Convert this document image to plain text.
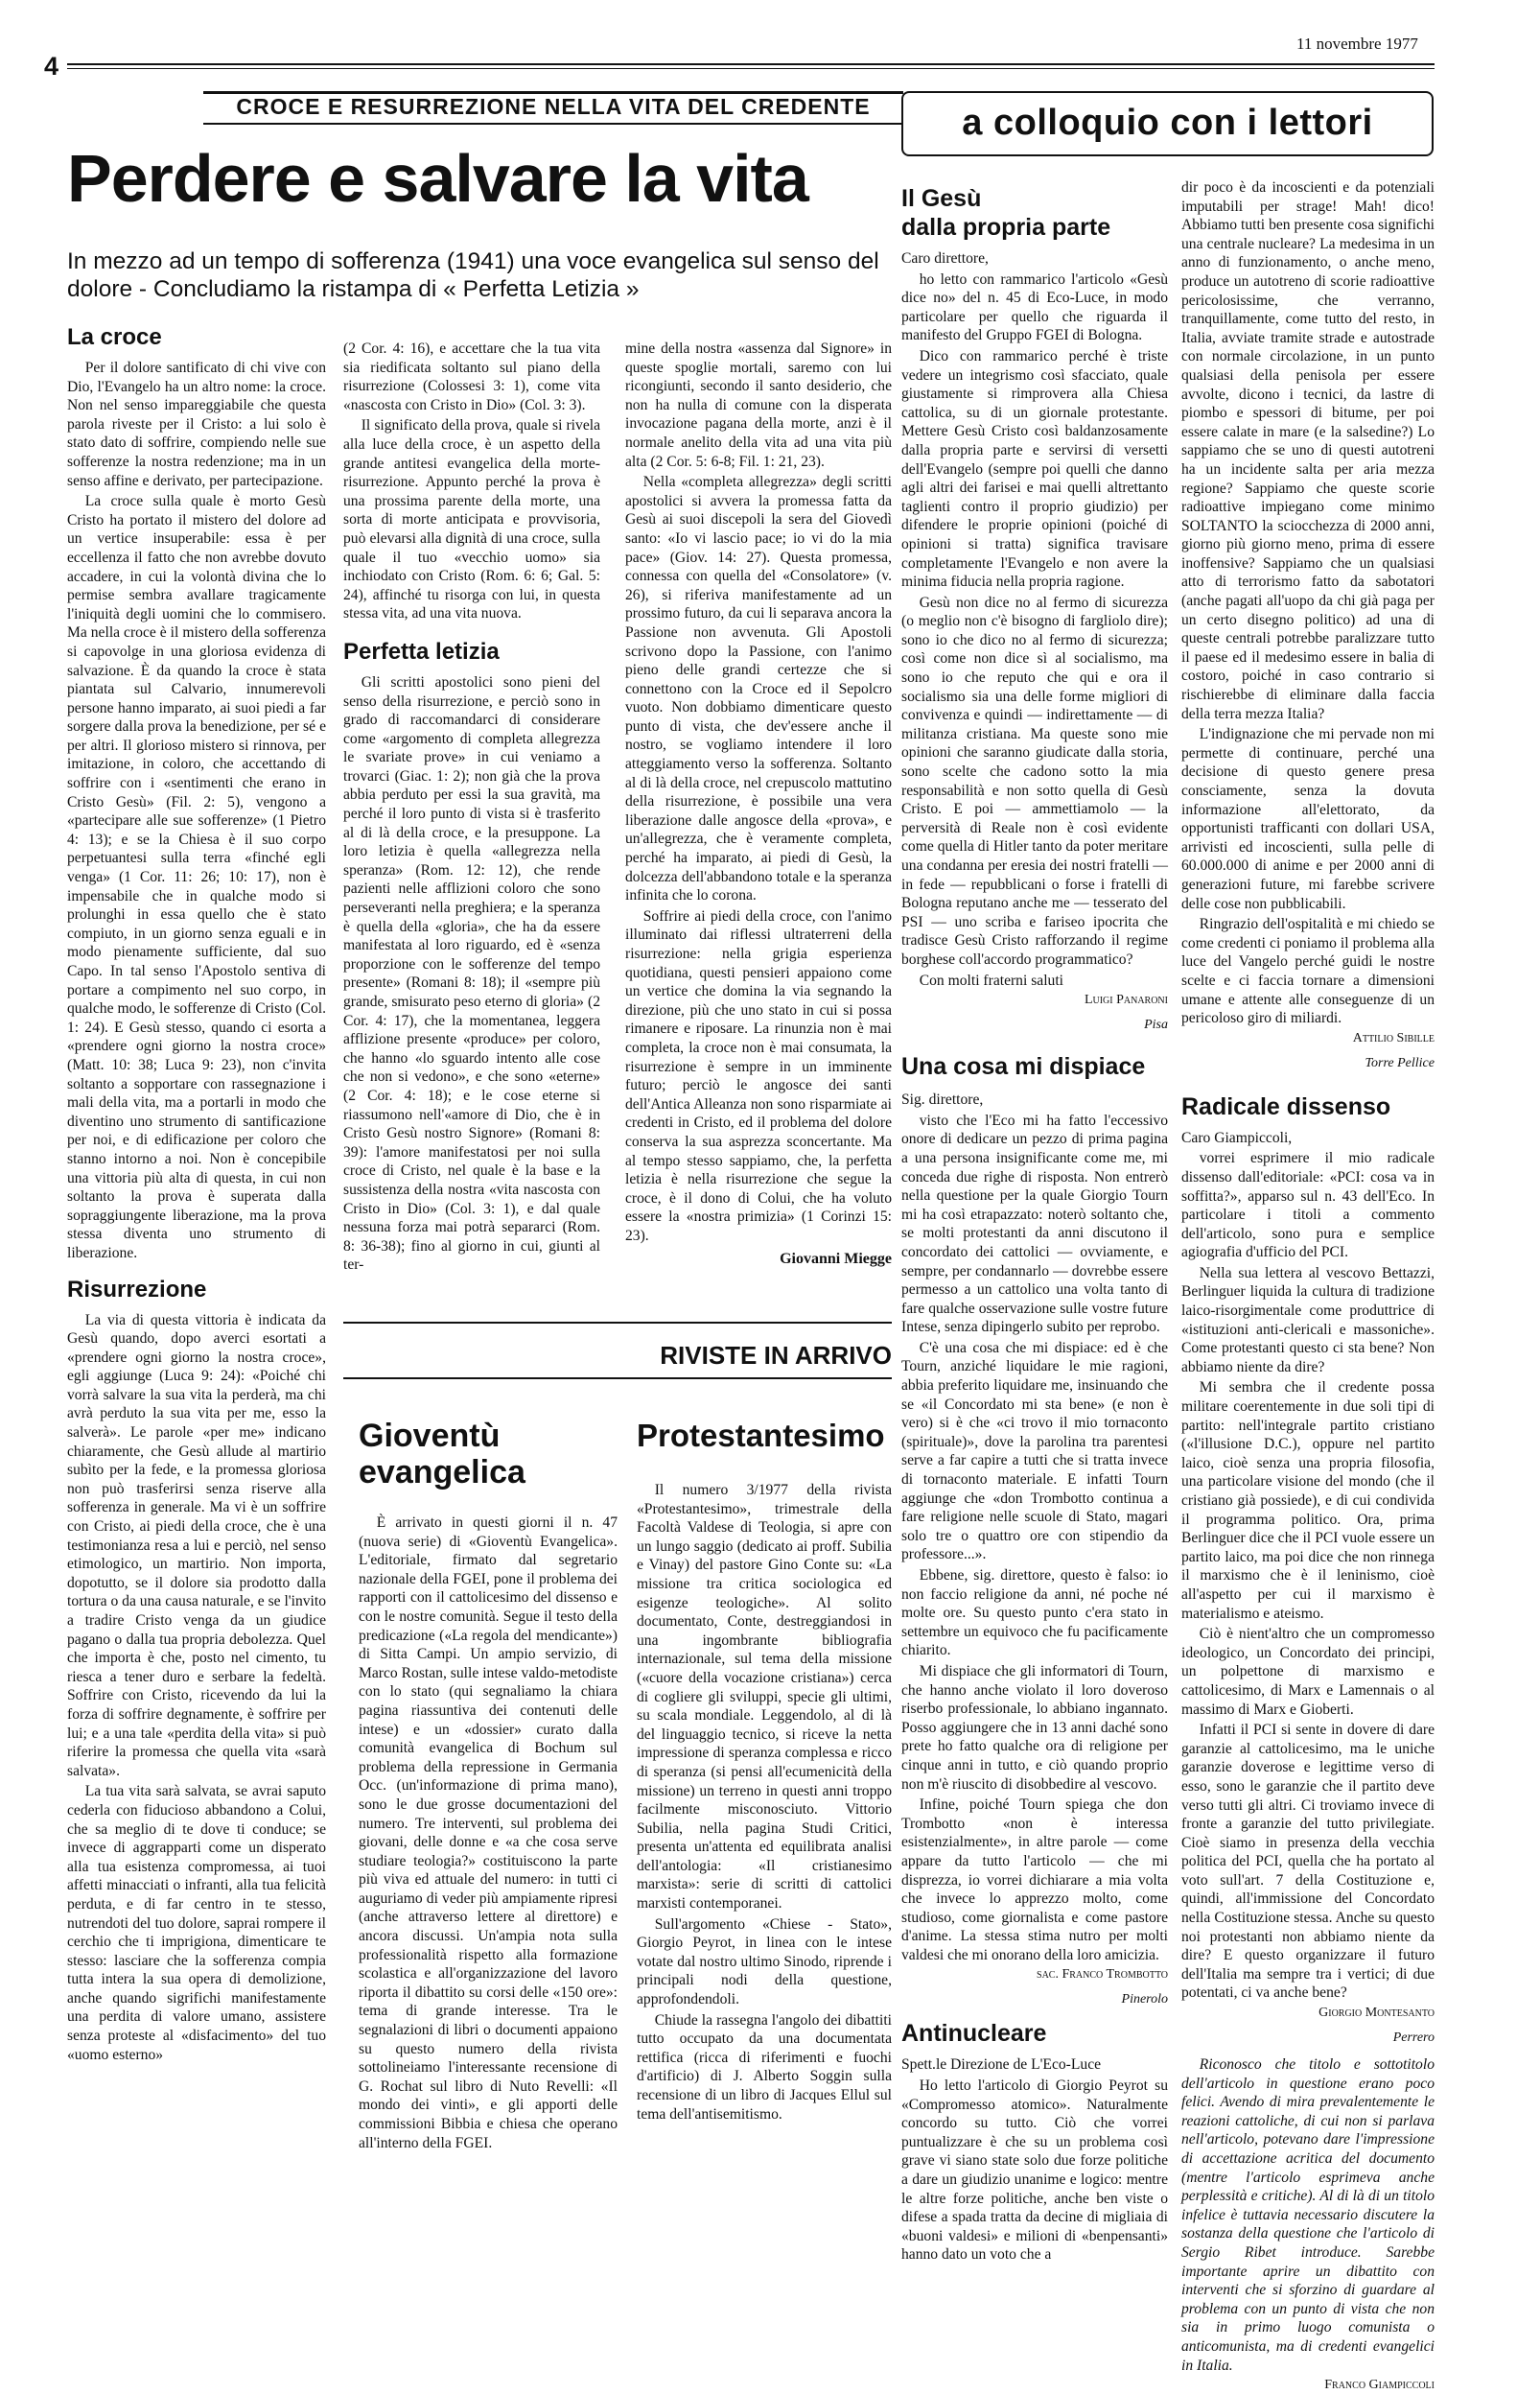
4
11 novembre 1977
CROCE E RESURREZIONE NELLA VITA DEL CREDENTE	a colloquio con i lettori
Perdere e salvare la vita
In mezzo ad un tempo di sofferenza (1941) una voce evangelica sul senso del dolore - Concludiamo la ristampa di « Perfetta Letizia »
La croce

Per il dolore santificato di chi vive con Dio, l'Evangelo ha un altro nome: la croce. Non nel senso impareggiabile che questa parola riveste per il Cristo: a lui solo è stato dato di soffrire, compiendo nelle sue sofferenze la nostra redenzione; ma in un senso affine e derivato, per partecipazione.

La croce sulla quale è morto Gesù Cristo ha portato il mistero del dolore ad un vertice insuperabile: essa è per eccellenza il fatto che non avrebbe dovuto accadere, in cui la volontà divina che lo permise sembra avallare tragicamente l'iniquità degli uomini che lo commisero. Ma nella croce è il mistero della sofferenza si capovolge in una gloriosa evidenza di salvazione. È da quando la croce è stata piantata sul Calvario, innumerevoli persone hanno imparato, ai suoi piedi a far sorgere dalla prova la benedizione, per sé e per altri. Il glorioso mistero si rinnova, per imitazione, in coloro, che accettando di soffrire con i «sentimenti che erano in Cristo Gesù» (Fil. 2: 5), vengono a «partecipare alle sue sofferenze» (1 Pietro 4: 13); e se la Chiesa è il suo corpo perpetuantesi sulla terra «finché egli venga» (1 Cor. 11: 26; 10: 17), non è impensabile che in qualche modo si prolunghi in essa quello che è stato compiuto, in un giorno senza eguali e in modo pienamente sufficiente, dal suo Capo. In tal senso l'Apostolo sentiva di portare a compimento nel suo corpo, in qualche modo, le sofferenze di Cristo (Col. 1: 24). E Gesù stesso, quando ci esorta a «prendere ogni giorno la nostra croce» (Matt. 10: 38; Luca 9: 23), non c'invita soltanto a sopportare con rassegnazione i mali della vita, ma a portarli in modo che diventino uno strumento di santificazione per noi, e di edificazione per coloro che stanno intorno a noi. Non è concepibile una vittoria più alta di questa, in cui non soltanto la prova è superata dalla sopraggiungente liberazione, ma la prova stessa diventa uno strumento di liberazione.

Risurrezione

La via di questa vittoria è indicata da Gesù quando, dopo averci esortati a «prendere ogni giorno la nostra croce», egli aggiunge (Luca 9: 24): «Poiché chi vorrà salvare la sua vita la perderà, ma chi avrà perduto la sua vita per me, esso la salverà». Le parole «per me» indicano chiaramente, che Gesù allude al martirio subìto per la fede, e la promessa gloriosa non può trasferirsi senza riserve alla sofferenza in generale. Ma vi è un soffrire con Cristo, ai piedi della croce, che è una testimonianza resa a lui e perciò, nel senso etimologico, un martirio. Non importa, dopotutto, se il dolore sia prodotto dalla tortura o da una causa naturale, e se l'invito a tradire Cristo venga da un giudice pagano o dalla tua propria debolezza. Quel che importa è che, posto nel cimento, tu riesca a tener duro e serbare la fedeltà. Soffrire con Cristo, ricevendo da lui la forza di soffrire degnamente, è soffrire per lui; e a una tale «perdita della vita» si può riferire la promessa che quella vita «sarà salvata».

La tua vita sarà salvata, se avrai saputo cederla con fiducioso abbandono a Colui, che sa meglio di te dove ti conduce; se invece di aggrapparti come un disperato alla tua esistenza compromessa, ai tuoi affetti minacciati o infranti, alla tua felicità perduta, e di far centro in te stesso, nutrendoti del tuo dolore, saprai rompere il cerchio che ti imprigiona, dimenticare te stesso: lasciare che la sofferenza compia tutta intera la sua opera di demolizione, anche quando sigrifichi manifestamente una perdita di valore umano, assistere senza proteste al «disfacimento» del tuo «uomo esterno»

(2 Cor. 4: 16), e accettare che la tua vita sia riedificata soltanto sul piano della risurrezione (Colossesi 3: 1), come vita «nascosta con Cristo in Dio» (Col. 3: 3).

Il significato della prova, quale si rivela alla luce della croce, è un aspetto della grande antitesi evangelica della morte-risurrezione. Appunto perché la prova è una prossima parente della morte, una sorta di morte anticipata e provvisoria, può elevarsi alla dignità di una croce, sulla quale il tuo «vecchio uomo» sia inchiodato con Cristo (Rom. 6: 6; Gal. 5: 24), affinché tu risorga con lui, in questa stessa vita, ad una vita nuova.

Perfetta letizia

Gli scritti apostolici sono pieni del senso della risurrezione, e perciò sono in grado di raccomandarci di considerare come «argomento di completa allegrezza le svariate prove» in cui veniamo a trovarci (Giac. 1: 2); non già che la prova abbia perduto per essi la sua gravità, ma perché il loro punto di vista si è trasferito al di là della croce, e la presuppone. La loro letizia è quella «allegrezza nella speranza» (Rom. 12: 12), che rende pazienti nelle afflizioni coloro che sono perseveranti nella preghiera; e la speranza è quella della «gloria», che ha da essere manifestata al loro riguardo, ed è «senza proporzione con le sofferenze del tempo presente» (Romani 8: 18); il «sempre più grande, smisurato peso eterno di gloria» (2 Cor. 4: 17), che la momentanea, leggera afflizione presente «produce» per coloro, che hanno «lo sguardo intento alle cose che non si vedono», e che sono «eterne» (2 Cor. 4: 18); e le cose eterne si riassumono nell'«amore di Dio, che è in Cristo Gesù nostro Signore» (Romani 8: 39): l'amore manifestatosi per noi sulla croce di Cristo, nel quale è la base e la sussistenza della nostra «vita nascosta con Cristo in Dio» (Col. 3: 1), e dal quale nessuna forza mai potrà separarci (Rom. 8: 36-38); fino al giorno in cui, giunti al ter-

mine della nostra «assenza dal Signore» in queste spoglie mortali, saremo con lui ricongiunti, secondo il santo desiderio, che non ha nulla di comune con la disperata invocazione pagana della morte, anzi è il normale anelito della vita ad una vita più alta (2 Cor. 5: 6-8; Fil. 1: 21, 23).

Nella «completa allegrezza» degli scritti apostolici si avvera la promessa fatta da Gesù ai suoi discepoli la sera del Giovedì santo: «Io vi lascio pace; io vi do la mia pace» (Giov. 14: 27). Questa promessa, connessa con quella del «Consolatore» (v. 26), si riferiva manifestamente ad un prossimo futuro, da cui li separava ancora la Passione non avvenuta. Gli Apostoli scrivono dopo la Passione, con l'animo pieno delle grandi certezze che si connettono con la Croce ed il Sepolcro vuoto. Non dobbiamo dimenticare questo punto di vista, che dev'essere anche il nostro, se vogliamo intendere il loro atteggiamento verso la sofferenza. Soltanto al di là della croce, nel crepuscolo mattutino della risurrezione, è possibile una vera liberazione dalle angosce della «prova», e un'allegrezza, che è veramente completa, perché ha imparato, ai piedi di Gesù, la dolcezza dell'abbandono totale e la speranza infinita che lo corona.

Soffrire ai piedi della croce, con l'animo illuminato dai riflessi ultraterreni della risurrezione: nella grigia esperienza quotidiana, questi pensieri appaiono come un vertice che domina la via segnando la direzione, più che uno stato in cui si possa rimanere e riposare. La rinunzia non è mai completa, la croce non è mai consumata, la risurrezione è sempre in un imminente futuro; perciò le angosce dei santi dell'Antica Alleanza non sono risparmiate ai credenti in Cristo, ed il problema del dolore conserva la sua asprezza sconcertante. Ma al tempo stesso sappiamo, che, la perfetta letizia è nella risurrezione che segue la croce, è il dono di Colui, che ha voluto essere la «nostra primizia» (1 Corinzi 15: 23).

Giovanni Miegge
RIVISTE IN ARRIVO
Gioventù
evangelica

È arrivato in questi giorni il n. 47 (nuova serie) di «Gioventù Evangelica». L'editoriale, firmato dal segretario nazionale della FGEI, pone il problema dei rapporti con il cattolicesimo del dissenso e con le nostre comunità. Segue il testo della predicazione («La regola del mendicante») di Sitta Campi. Un ampio servizio, di Marco Rostan, sulle intese valdo-metodiste con lo stato (qui segnaliamo la chiara pagina riassuntiva dei contenuti delle intese) e un «dossier» curato dalla comunità evangelica di Bochum sul problema della repressione in Germania Occ. (un'informazione di prima mano), sono le due grosse documentazioni del numero. Tre interventi, sul problema dei giovani, delle donne e «a che cosa serve studiare teologia?» costituiscono la parte più viva ed attuale del numero: in tutti ci auguriamo di veder più ampiamente ripresi (anche attraverso lettere al direttore) e ancora discussi. Un'ampia nota sulla professionalità rispetto alla formazione scolastica e all'organizzazione del lavoro riporta il dibattito su corsi delle «150 ore»: tema di grande interesse. Tra le segnalazioni di libri o documenti appaiono su questo numero della rivista sottolineiamo l'interessante recensione di G. Rochat sul libro di Nuto Revelli: «Il mondo dei vinti», e gli apporti delle commissioni Bibbia e chiesa che operano all'interno della FGEI.

Protestantesimo

Il numero 3/1977 della rivista «Protestantesimo», trimestrale della Facoltà Valdese di Teologia, si apre con un lungo saggio (dedicato ai proff. Subilia e Vinay) del pastore Gino Conte su: «La missione tra critica sociologica ed esigenze teologiche». Al solito documentato, Conte, destreggiandosi in una ingombrante bibliografia internazionale, sul tema della missione («cuore della vocazione cristiana») cerca di cogliere gli sviluppi, specie gli ultimi, su scala mondiale. Leggendolo, al di là del linguaggio tecnico, si riceve la netta impressione di speranza complessa e ricco di speranza (si pensi all'ecumenicità della missione) un terreno in questi anni troppo facilmente misconosciuto. Vittorio Subilia, nella pagina Studi Critici, presenta un'attenta ed equilibrata analisi dell'antologia: «Il cristianesimo marxista»: serie di scritti di cattolici marxisti contemporanei.

Sull'argomento «Chiese - Stato», Giorgio Peyrot, in linea con le intese votate dal nostro ultimo Sinodo, riprende i principali nodi della questione, approfondendoli.

Chiude la rassegna l'angolo dei dibattiti tutto occupato da una documentata rettifica (ricca di riferimenti e fuochi d'artificio) di J. Alberto Soggin sulla recensione di un libro di Jacques Ellul sul tema dell'antisemitismo.

Il Gesù
dalla propria parte

Caro direttore,

ho letto con rammarico l'articolo «Gesù dice no» del n. 45 di Eco-Luce, in modo particolare per quello che riguarda il manifesto del Gruppo FGEI di Bologna.

Dico con rammarico perché è triste vedere un integrismo così sfacciato, quale giustamente si rimprovera alla Chiesa cattolica, su di un giornale protestante. Mettere Gesù Cristo così baldanzosamente dalla propria parte e servirsi di versetti dell'Evangelo (sempre poi quelli che danno agli altri dei farisei e mai quelli altrettanto taglienti contro il proprio giudizio) per difendere le proprie opinioni (poiché di opinioni si tratta) significa travisare completamente l'Evangelo e non avere la minima fiducia nella propria ragione.

Gesù non dice no al fermo di sicurezza (o meglio non c'è bisogno di fargliolo dire); sono io che dico no al fermo di sicurezza; così come non dice sì al socialismo, ma sono io che reputo che qui e ora il socialismo sia una delle forme migliori di convivenza e quindi — indirettamente — di militanza cristiana. Ma queste sono mie opinioni che saranno giudicate dalla storia, sono scelte che cadono sotto la mia responsabilità e non sotto quella di Gesù Cristo. E poi — ammettiamolo — la perversità di Reale non è così evidente come quella di Hitler tanto da poter meritare una condanna per eresia dei nostri fratelli — in fede — repubblicani o forse i fratelli di Bologna reputano anche me — tesserato del PSI — uno scriba e fariseo ipocrita che tradisce Gesù Cristo rafforzando il regime borghese coll'accordo programmatico?

Con molti fraterni saluti

Luigi Panaroni
Pisa
Una cosa mi dispiace

Sig. direttore,

visto che l'Eco mi ha fatto l'eccessivo onore di dedicare un pezzo di prima pagina a una persona insignificante come me, mi conceda due righe di risposta. Non entrerò nella questione per la quale Giorgio Tourn mi ha così etrapazzato: noterò soltanto che, se molti protestanti da anni discutono il concordato dei cattolici — ovviamente, e sempre, per condannarlo — dovrebbe essere permesso a un cattolico una volta tanto di fare qualche osservazione sulle vostre future Intese, senza dipingerlo subito per reprobo.

C'è una cosa che mi dispiace: ed è che Tourn, anziché liquidare le mie ragioni, abbia preferito liquidare me, insinuando che se «il Concordato mi sta bene» (e non è vero) si è che «ci trovo il mio tornaconto (spirituale)», dove la parolina tra parentesi serve a far capire a tutti che si tratta invece di tornaconto materiale. E infatti Tourn aggiunge che «don Trombotto continua a fare religione nelle scuole di Stato, magari solo tre o quattro ore con stipendio da professore...».

Ebbene, sig. direttore, questo è falso: io non faccio religione da anni, né poche né molte ore. Su questo punto c'era stato in settembre un equivoco che fu pacificamente chiarito.

Mi dispiace che gli informatori di Tourn, che hanno anche violato il loro doveroso riserbo professionale, lo abbiano ingannato. Posso aggiungere che in 13 anni daché sono prete ho fatto qualche ora di religione per cinque anni in tutto, e ciò quando proprio non m'è riuscito di disobbedire al vescovo.

Infine, poiché Tourn spiega che don Trombotto «non è interessa esistenzialmente», in altre parole — come appare da tutto l'articolo — che mi disprezza, io vorrei dichiarare a mia volta che invece lo apprezzo molto, come studioso, come giornalista e come pastore d'anime. La stessa stima nutro per molti valdesi che mi onorano della loro amicizia.

sac. Franco Trombotto
Pinerolo
Antinucleare

Spett.le Direzione de L'Eco-Luce

Ho letto l'articolo di Giorgio Peyrot su «Compromesso atomico». Naturalmente concordo su tutto. Ciò che vorrei puntualizzare è che su un problema così grave vi siano state solo due forze politiche a dare un giudizio unanime e logico: mentre le altre forze politiche, anche ben viste o difese a spada tratta da decine di migliaia di «buoni valdesi» e milioni di «benpensanti» hanno dato un voto che a

dir poco è da incoscienti e da potenziali imputabili per strage! Mah! dico! Abbiamo tutti ben presente cosa significhi una centrale nucleare? La medesima in un anno di funzionamento, o anche meno, produce un autotreno di scorie radioattive pericolosissime, che verranno, tranquillamente, come tutto del resto, in Italia, avviate tramite strade e autostrade con normale circolazione, in un punto qualsiasi della penisola per essere avvolte, dicono i tecnici, da lastre di piombo e spessori di bitume, per poi essere calate in mare (e la salsedine?) Lo sappiamo che se uno di questi autotreni ha un incidente salta per aria mezza regione? Sappiamo che queste scorie radioattive impiegano come minimo SOLTANTO la sciocchezza di 2000 anni, giorno più giorno meno, prima di essere inoffensive? Sappiamo che un qualsiasi atto di terrorismo fatto da sabotatori (anche pagati all'uopo da chi già paga per un certo disegno politico) ad una di queste centrali potrebbe paralizzare tutto il paese ed il medesimo essere in balia di costoro, poiché in caso contrario si rischierebbe di eliminare dalla faccia della terra mezza Italia?

L'indignazione che mi pervade non mi permette di continuare, perché una decisione di questo genere presa consciamente, senza la dovuta informazione all'elettorato, da opportunisti trafficanti con dollari USA, arrivisti ed incoscienti, sulla pelle di 60.000.000 di anime e per 2000 anni di generazioni future, mi farebbe scrivere delle cose non pubblicabili.

Ringrazio dell'ospitalità e mi chiedo se come credenti ci poniamo il problema alla luce del Vangelo perché guidi le nostre scelte e ci faccia tornare a dimensioni umane e attente alle conseguenze di un pericoloso giro di miliardi.

Attilio Sibille
Torre Pellice
Radicale dissenso

Caro Giampiccoli,

vorrei esprimere il mio radicale dissenso dall'editoriale: «PCI: cosa va in soffitta?», apparso sul n. 43 dell'Eco. In particolare i titoli a commento dell'articolo, sono pura e semplice agiografia d'ufficio del PCI.

Nella sua lettera al vescovo Bettazzi, Berlinguer liquida la cultura di tradizione laico-risorgimentale come produttrice di «istituzioni anti-clericali e massoniche». Come protestanti questo ci sta bene? Non abbiamo niente da dire?

Mi sembra che il credente possa militare coerentemente in due soli tipi di partito: nell'integrale partito cristiano («l'illusione D.C.), oppure nel partito laico, cioè senza una propria filosofia, una particolare visione del mondo (che il cristiano già possiede), e di cui condivida il programma politico. Ora, prima Berlinguer dice che il PCI vuole essere un partito laico, ma poi dice che non rinnega il marxismo che è il leninismo, cioè all'aspetto per cui il marxismo è materialismo e ateismo.

Ciò è nient'altro che un compromesso ideologico, un Concordato dei principi, un polpettone di marxismo e cattolicesimo, di Marx e Lamennais o al massimo di Marx e Gioberti.

Infatti il PCI si sente in dovere di dare garanzie al cattolicesimo, ma le uniche garanzie doverose e legittime verso di esso, sono le garanzie che il partito deve verso tutti gli altri. Ci troviamo invece di fronte a garanzie del tutto privilegiate. Cioè siamo in presenza della vecchia politica del PCI, quella che ha portato al voto sull'art. 7 della Costituzione e, quindi, all'immissione del Concordato nella Costituzione stessa. Anche su questo noi protestanti non abbiamo niente da dire? E questo organizzare il futuro dell'Italia ma sempre tra i vertici; di due potentati, ci va anche bene?

Giorgio Montesanto
Perrero

Riconosco che titolo e sottotitolo dell'articolo in questione erano poco felici. Avendo di mira prevalentemente le reazioni cattoliche, di cui non si parlava nell'articolo, potevano dare l'impressione di accettazione acritica del documento (mentre l'articolo esprimeva anche perplessità e critiche). Al di là di un titolo infelice è tuttavia necessario discutere la sostanza della questione che l'articolo di Sergio Ribet introduce. Sarebbe importante aprire un dibattito con interventi che si sforzino di guardare al problema con un punto di vista che non sia in primo luogo comunista o anticomunista, ma di credenti evangelici in Italia.

Franco Giampiccoli
